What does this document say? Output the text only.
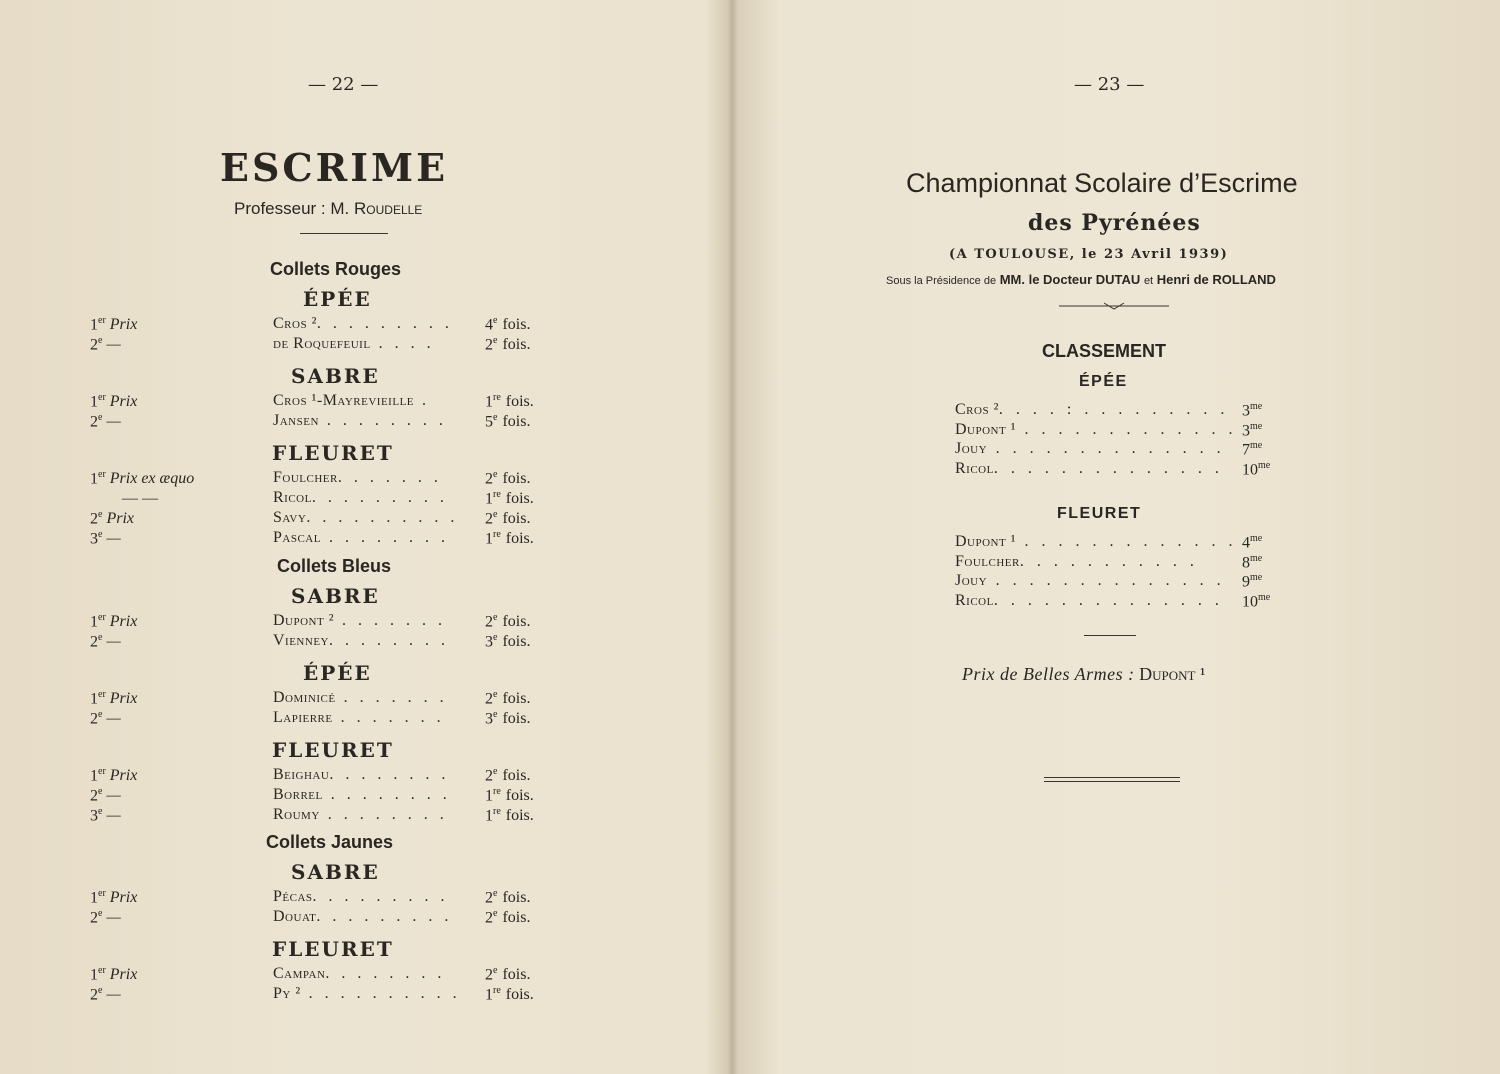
— 22 —
ESCRIME
Professeur : M. Roudelle
Collets Rouges
ÉPÉE
1er Prix	Cros ². . . . . . . . . 4e fois.
2e —	de Roquefeuil . . . .	2e fois.
SABRE
1er Prix	Cros ¹-Mayrevieille .	1re fois.
2e —	Jansen . . . . . . . . 5e fois.
FLEURET
1er Prix ex æquo	Foulcher. . . . . . .	2e fois.
— —	Ricol. . . . . . . . . 1re fois.
2e Prix	Savy. . . . . . . . . . 2e fois.
3e —	Pascal . . . . . . . . 1re fois.
Collets Bleus
SABRE
1er Prix	Dupont ² . . . . . . . 2e fois.
2e —	Vienney. . . . . . . . 3e fois.
ÉPÉE
1er Prix	Dominicé . . . . . . . 2e fois.
2e —	Lapierre . . . . . . .	3e fois.
FLEURET
1er Prix	Beighau. . . . . . . . 2e fois.
2e —	Borrel . . . . . . . . 1re fois.
3e —	Roumy . . . . . . . . 1re fois.
Collets Jaunes
SABRE
1er Prix	Pécas. . . . . . . . . 2e fois.
2e —	Douat. . . . . . . . . 2e fois.
FLEURET
1er Prix	Campan. . . . . . . . 2e fois.
2e —	Py ² . . . . . . . . . . 1re fois.
— 23 —
Championnat Scolaire d’Escrime
des Pyrénées
(A TOULOUSE, le 23 Avril 1939)
Sous la Présidence de MM. le Docteur DUTAU et Henri de ROLLAND
CLASSEMENT
ÉPÉE
Cros ². . . . : . . . . . . . . . $3^{me}$
Dupont ¹ . . . . . . . . . . . . . $3^{me}$
Jouy . . . . . . . . . . . . . . $7^{me}$
Ricol. . . . . . . . . . . . . . $10^{me}$
FLEURET
Dupont ¹ . . . . . . . . . . . . . $4^{me}$
Foulcher. . . . . . . . . . .	$8^{me}$
Jouy . . . . . . . . . . . . . . $9^{me}$
Ricol. . . . . . . . . . . . . . $10^{me}$
Prix de Belles Armes : Dupont ¹
